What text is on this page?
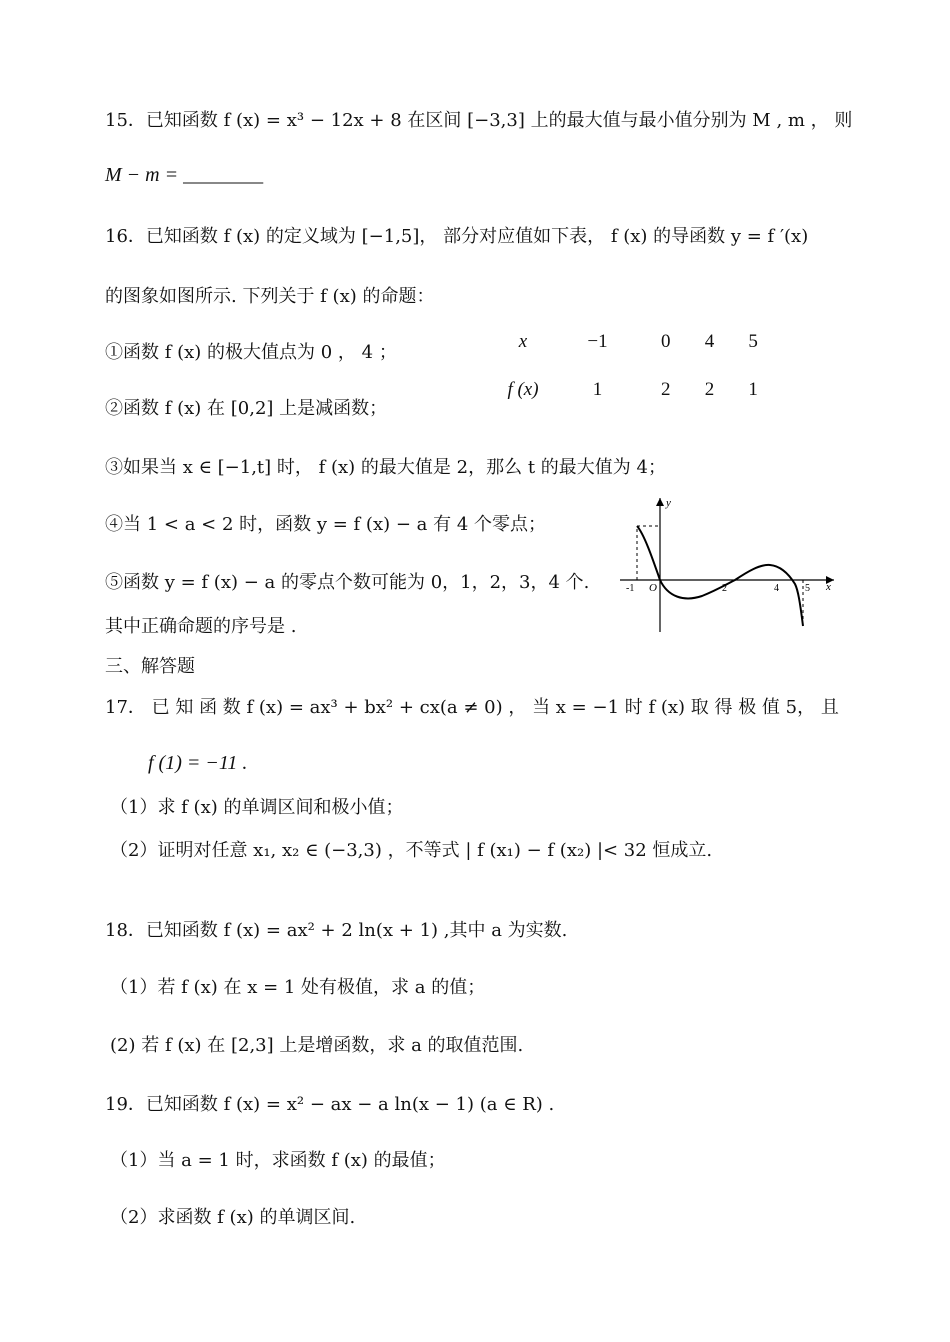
15．已知函数 f (x) = x³ − 12x + 8 在区间 [−3,3] 上的最大值与最小值分别为 M , m ， 则
M − m = ________
16．已知函数 f (x) 的定义域为 [−1,5]， 部分对应值如下表， f (x) 的导函数 y = f ′(x)
的图象如图所示. 下列关于 f (x) 的命题：
①函数 f (x) 的极大值点为 0 ， 4 ；
②函数 f (x) 在 [0,2] 上是减函数；
③如果当 x ∈ [−1,t] 时， f (x) 的最大值是 2，那么 t 的最大值为 4；
④当 1 < a < 2 时，函数 y = f (x) − a 有 4 个零点；
⑤函数 y = f (x) − a 的零点个数可能为 0，1，2，3，4 个.
其中正确命题的序号是 .
x	−1	0	4	5
f (x)	1	2	2	1
y
x
O
-1	2	4	5
三、解答题
17． 已 知 函 数 f (x) = ax³ + bx² + cx(a ≠ 0) ， 当 x = −1 时 f (x) 取 得 极 值 5， 且
f (1) = −11 .
（1）求 f (x) 的单调区间和极小值；
（2）证明对任意 x₁, x₂ ∈ (−3,3) ，不等式 | f (x₁) − f (x₂) |< 32 恒成立.
18．已知函数 f (x) = ax² + 2 ln(x + 1) ,其中 a 为实数.
（1）若 f (x) 在 x = 1 处有极值，求 a 的值；
(2) 若 f (x) 在 [2,3] 上是增函数，求 a 的取值范围.
19．已知函数 f (x) = x² − ax − a ln(x − 1) (a ∈ R) .
（1）当 a = 1 时，求函数 f (x) 的最值；
（2）求函数 f (x) 的单调区间.
